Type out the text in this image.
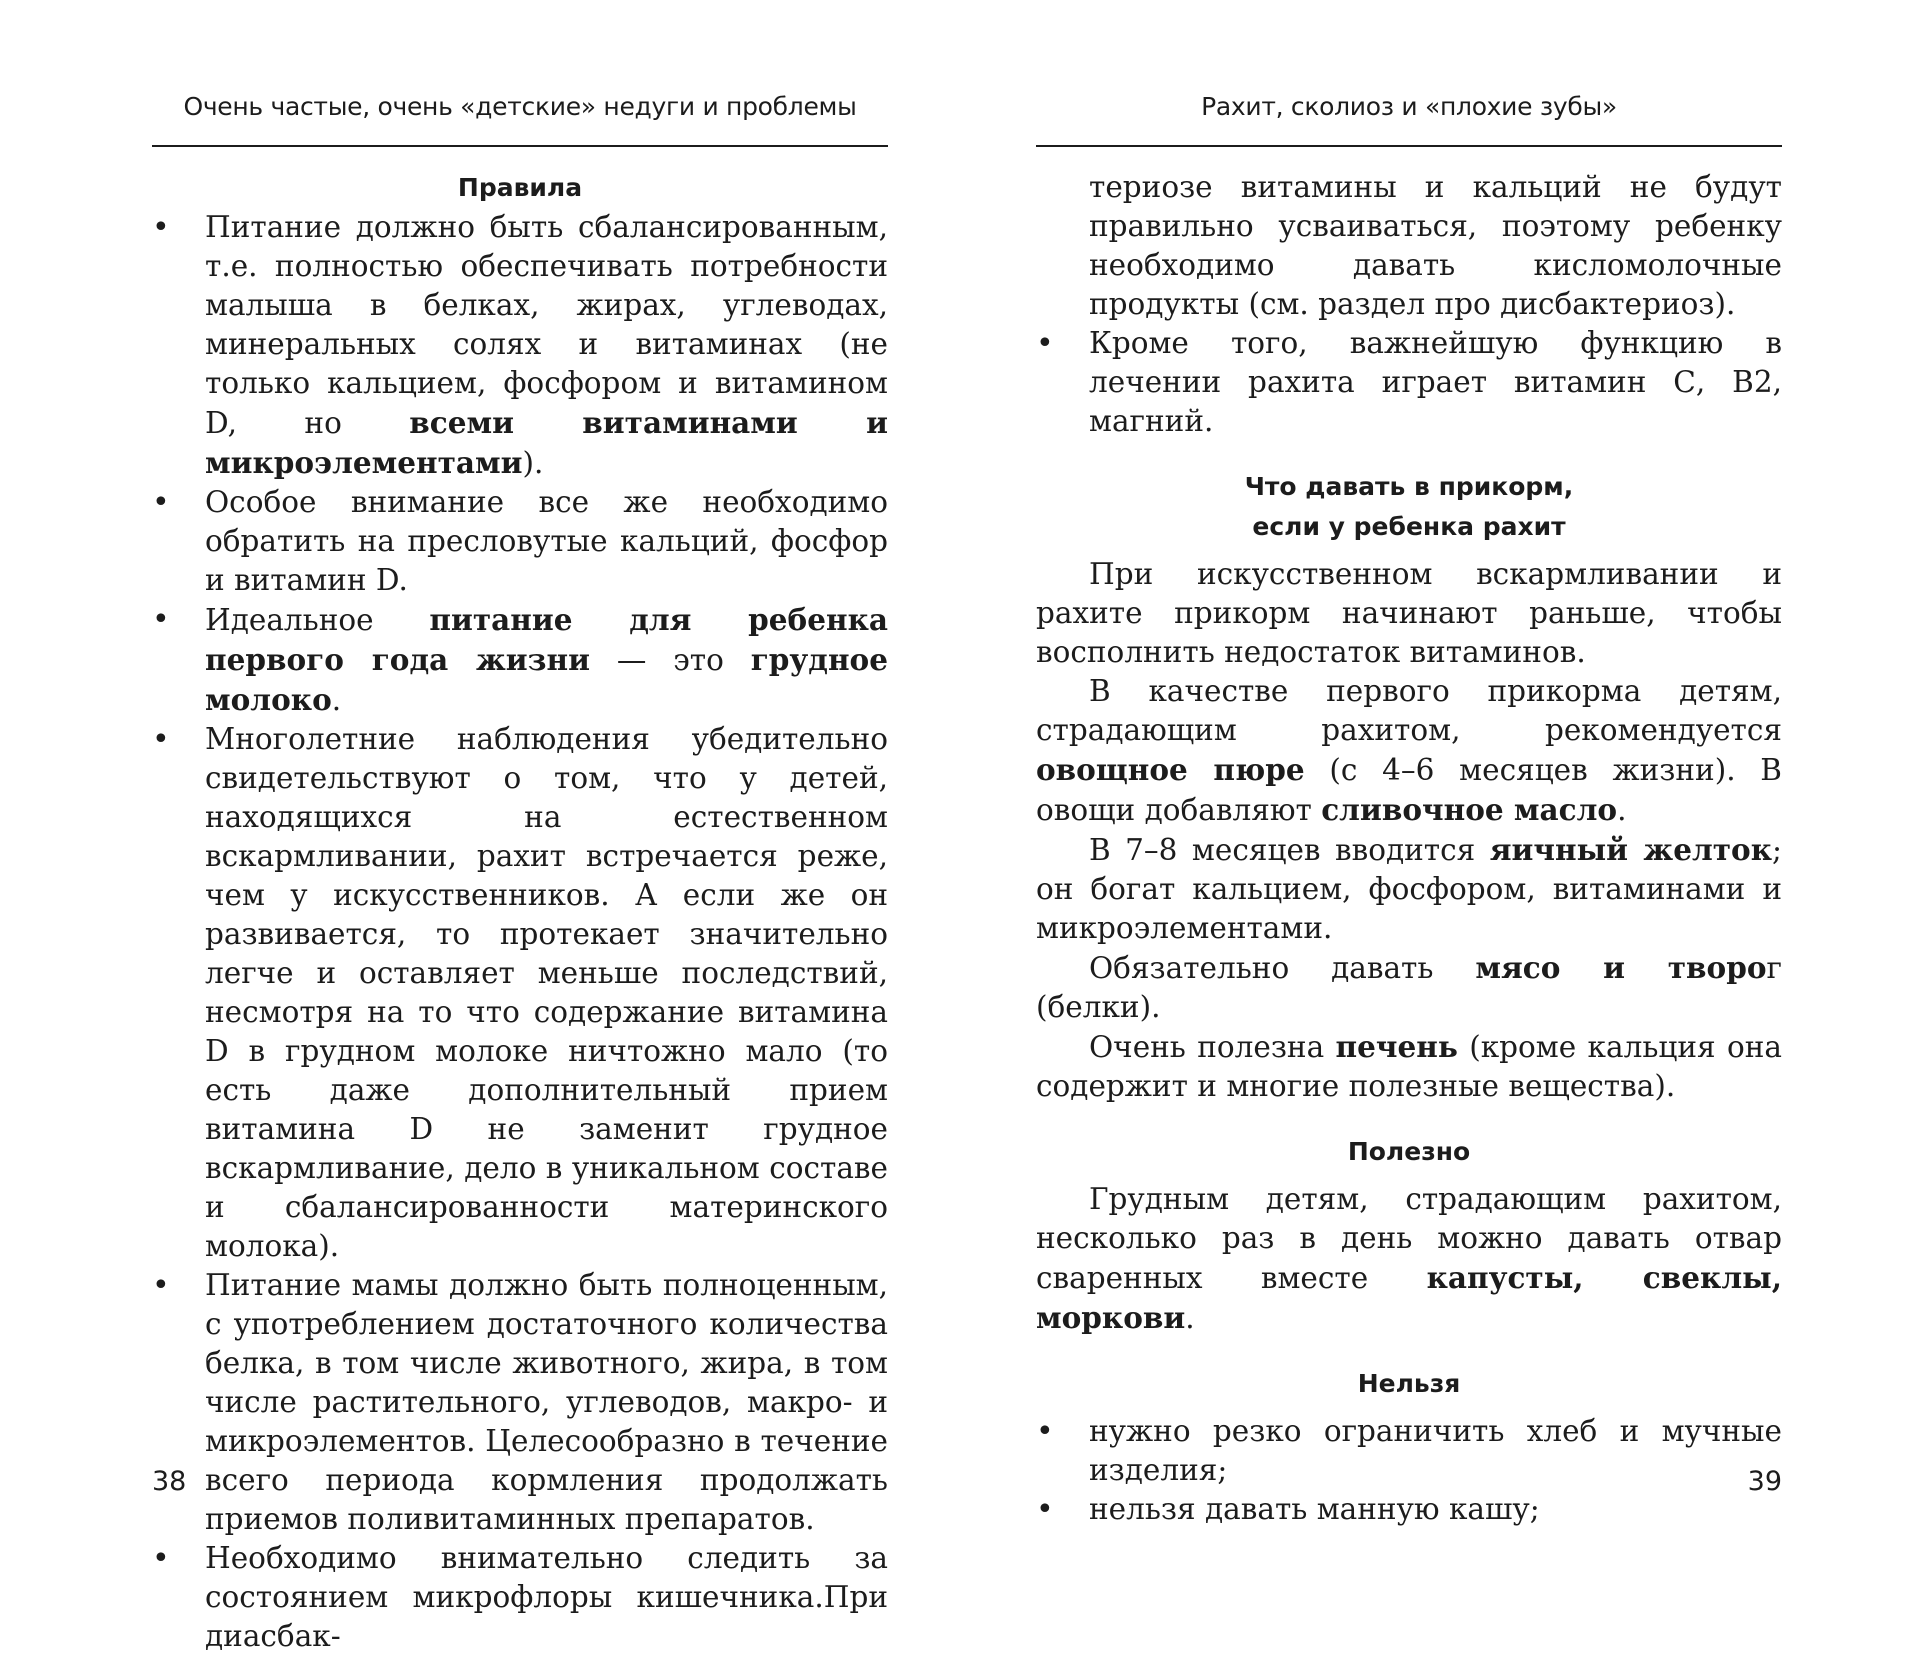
Очень частые, очень «детские» недуги и проблемы
Правила
• Питание должно быть сбалансированным, т.е. полностью обеспечивать потребности малыша в белках, жирах, углеводах, минеральных солях и витаминах (не только кальцием, фосфором и витамином D, но всеми витаминами и микроэлементами).
• Особое внимание все же необходимо обратить на пресловутые кальций, фосфор и витамин D.
• Идеальное питание для ребенка первого года жизни — это грудное молоко.
• Многолетние наблюдения убедительно свидетельствуют о том, что у детей, находящихся на естественном вскармливании, рахит встречается реже, чем у искусственников. А если же он развивается, то протекает значительно легче и оставляет меньше последствий, несмотря на то что содержание витамина D в грудном молоке ничтожно мало (то есть даже дополнительный прием витамина D не заменит грудное вскармливание, дело в уникальном составе и сбалансированности материнского молока).
• Питание мамы должно быть полноценным, с употреблением достаточного количества белка, в том числе животного, жира, в том числе растительного, углеводов, макро- и микроэлементов. Целесообразно в течение всего периода кормления продолжать приемов поливитаминных препаратов.
• Необходимо внимательно следить за состоянием микрофлоры кишечника.При диасбак-
38
Рахит, сколиоз и «плохие зубы»
териозе витамины и кальций не будут правильно усваиваться, поэтому ребенку необходимо давать кисломолочные продукты (см. раздел про дисбактериоз).
• Кроме того, важнейшую функцию в лечении рахита играет витамин С, В2, магний.
Что давать в прикорм,
если у ребенка рахит

При искусственном вскармливании и рахите прикорм начинают раньше, чтобы восполнить недостаток витаминов.

В качестве первого прикорма детям, страдающим рахитом, рекомендуется овощное пюре (с 4–6 месяцев жизни). В овощи добавляют сливочное масло.

В 7–8 месяцев вводится яичный желток; он богат кальцием, фосфором, витаминами и микроэлементами.

Обязательно давать мясо и творог (белки).

Очень полезна печень (кроме кальция она содержит и многие полезные вещества).

Полезно

Грудным детям, страдающим рахитом, несколько раз в день можно давать отвар сваренных вместе капусты, свеклы, моркови.

Нельзя
• нужно резко ограничить хлеб и мучные изделия;
• нельзя давать манную кашу;
39
